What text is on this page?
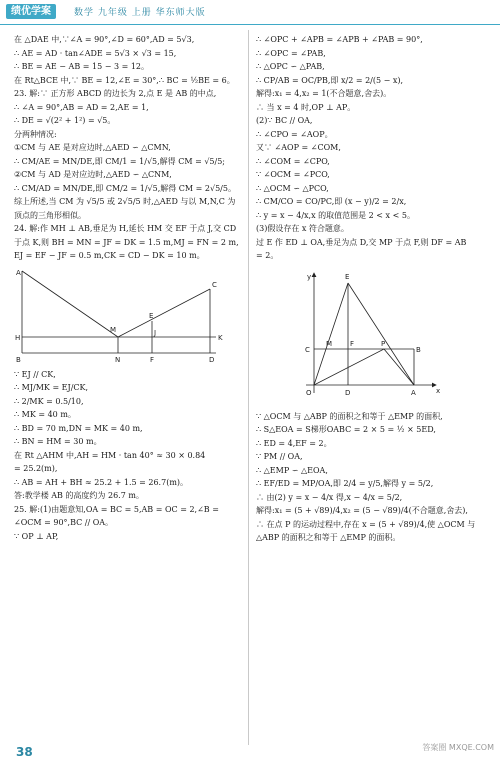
绩优学案	数学 九年级 上册 华东师大版

在 △DAE 中,∵∠A = 90°,∠D = 60°,AD = 5√3,

∴ AE = AD · tan∠ADE = 5√3 × √3 = 15,

∴ BE = AE − AB = 15 − 3 = 12。

在 Rt△BCE 中,∵ BE = 12,∠E = 30°,∴ BC = ½BE = 6。

23. 解:∵ 正方形 ABCD 的边长为 2,点 E 是 AB 的中点,

∴ ∠A = 90°,AB = AD = 2,AE = 1,

∴ DE = √(2² + 1²) = √5。

分两种情况:

①CM 与 AE 是对应边时,△AED ∽ △CMN,

∴ CM/AE = MN/DE,即 CM/1 = 1/√5,解得 CM = √5/5;

②CM 与 AD 是对应边时,△AED ∽ △CNM,

∴ CM/AD = MN/DE,即 CM/2 = 1/√5,解得 CM = 2√5/5。

综上所述,当 CM 为 √5/5 或 2√5/5 时,△AED 与以 M,N,C 为

顶点的三角形相似。

24. 解:作 MH ⊥ AB,垂足为 H,延长 HM 交 EF 于点 J,交 CD

于点 K,则 BH = MN = JF = DK = 1.5 m,MJ = FN = 2 m,

EJ = EF − JF = 0.5 m,CK = CD − DK = 10 m。

A
M
E
C
H
J
K
B	N	F	D

∵ EJ // CK,

∴ MJ/MK = EJ/CK,

∴ 2/MK = 0.5/10,

∴ MK = 40 m。

∴ BD = 70 m,DN = MK = 40 m,

∴ BN = HM = 30 m。

在 Rt △AHM 中,AH = HM · tan 40° ≈ 30 × 0.84

= 25.2(m),

∴ AB = AH + BH ≈ 25.2 + 1.5 = 26.7(m)。

答:教学楼 AB 的高度约为 26.7 m。

25. 解:(1)由题意知,OA = BC = 5,AB = OC = 2,∠B =

∠OCM = 90°,BC // OA。

∵ OP ⊥ AP,

∴ ∠OPC + ∠APB = ∠APB + ∠PAB = 90°,

∴ ∠OPC = ∠PAB,

∴ △OPC ∽ △PAB,

∴ CP/AB = OC/PB,即 x/2 = 2/(5 − x),

解得:x₁ = 4,x₂ = 1(不合题意,舍去)。

∴ 当 x = 4 时,OP ⊥ AP。

(2)∵ BC // OA,

∴ ∠CPO = ∠AOP。

又∵ ∠AOP = ∠COM,

∴ ∠COM = ∠CPO,

∵ ∠OCM = ∠PCO,

∴ △OCM ∽ △PCO,

∴ CM/CO = CO/PC,即 (x − y)/2 = 2/x,

∴ y = x − 4/x,x 的取值范围是 2 < x < 5。

(3)假设存在 x 符合题意。

过 E 作 ED ⊥ OA,垂足为点 D,交 MP 于点 F,则 DF = AB

= 2。

y	E
C
M	F	P
B
O	D	A	x

∵ △OCM 与 △ABP 的面积之和等于 △EMP 的面积,

∴ S△EOA = S梯形OABC = 2 × 5 = ½ × 5ED,

∴ ED = 4,EF = 2。

∵ PM // OA,

∴ △EMP ∽ △EOA,

∴ EF/ED = MP/OA,即 2/4 = y/5,解得 y = 5/2,

∴ 由(2) y = x − 4/x 得,x − 4/x = 5/2,

解得:x₁ = (5 + √89)/4,x₂ = (5 − √89)/4(不合题意,舍去),

∴ 在点 P 的运动过程中,存在 x = (5 + √89)/4,使 △OCM 与

△ABP 的面积之和等于 △EMP 的面积。

38	答案圈 MXQE.COM
